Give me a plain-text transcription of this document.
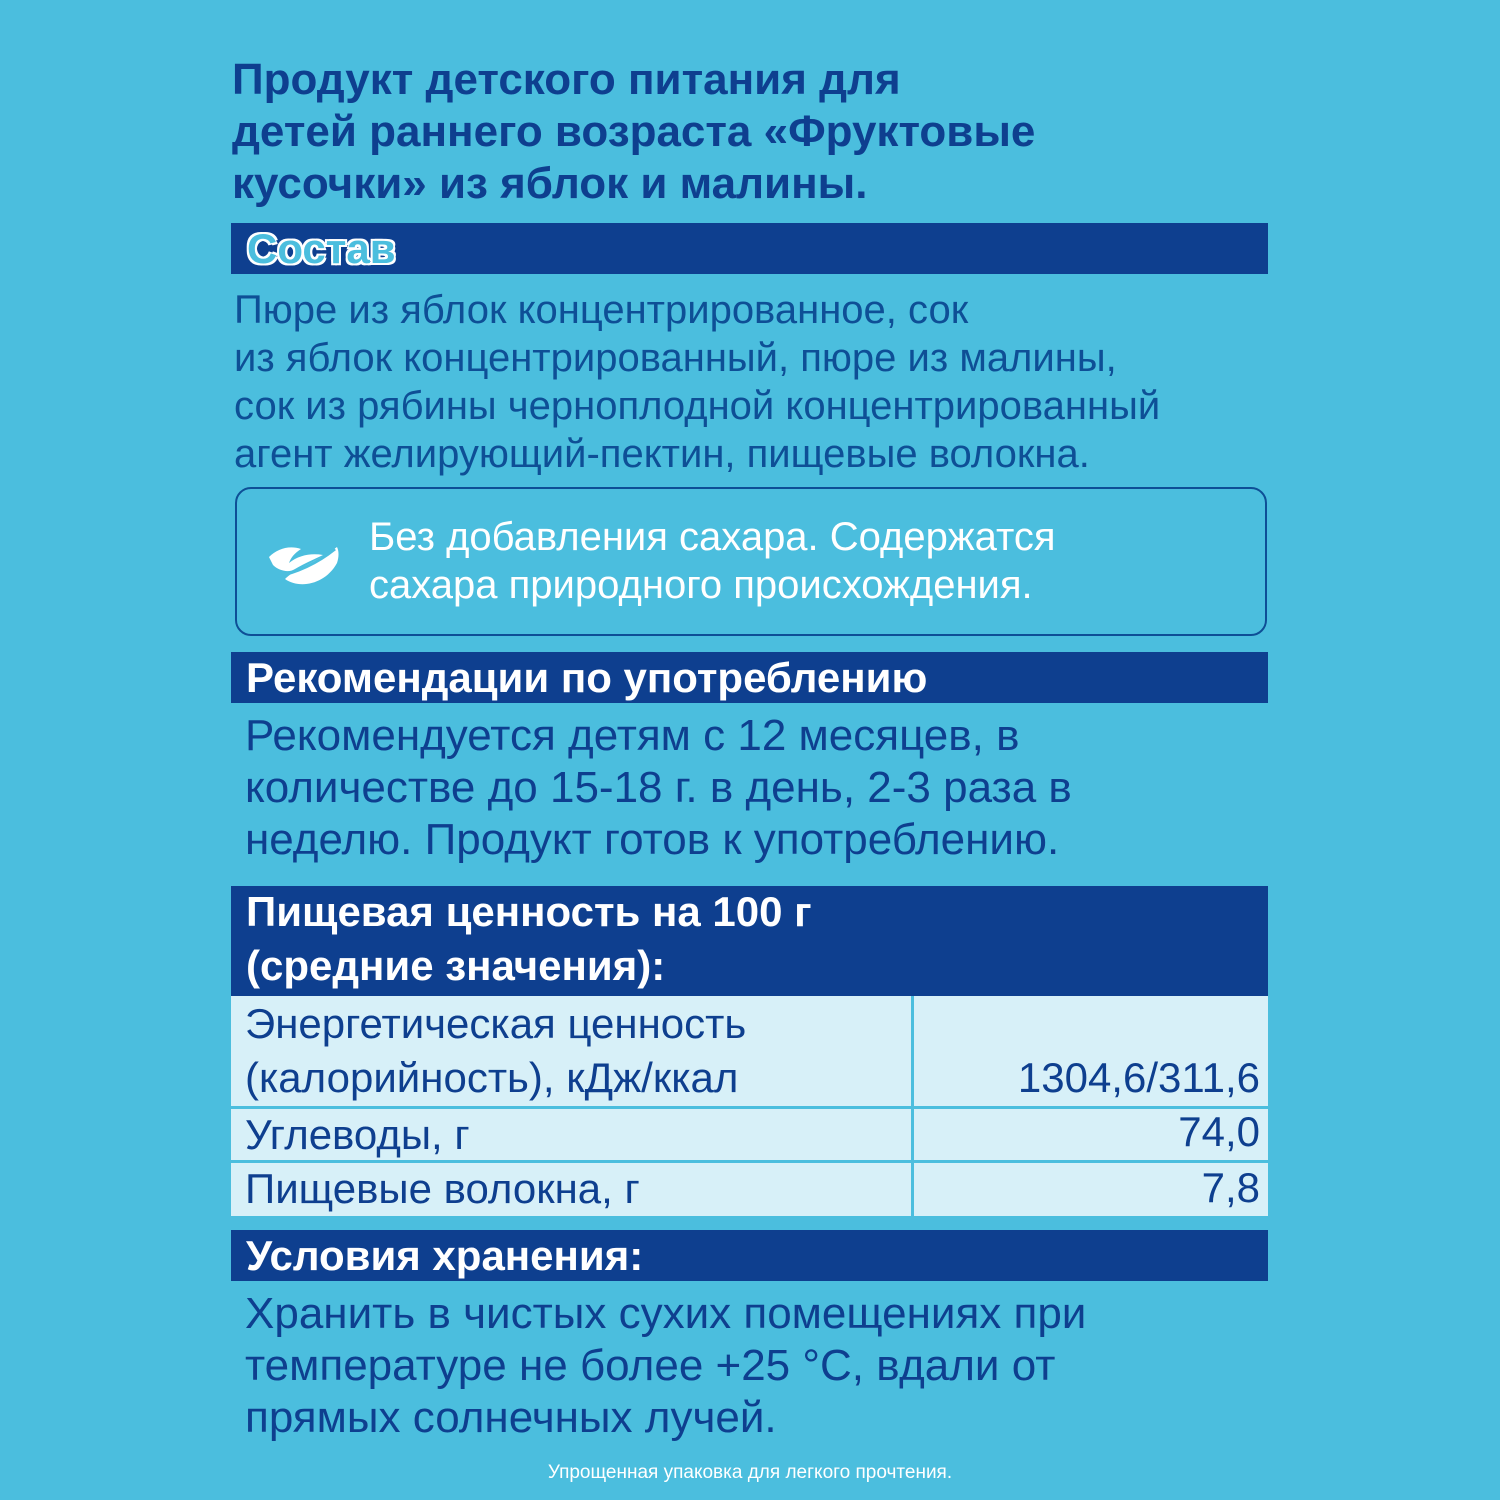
Продукт детского питания для
детей раннего возраста «Фруктовые
кусочки» из яблок и малины.
Состав
Пюре из яблок концентрированное, сок
из яблок концентрированный, пюре из малины,
сок из рябины черноплодной концентрированный
агент желирующий-пектин, пищевые волокна.
Без добавления сахара. Содержатся
сахара природного происхождения.
Рекомендации по употреблению
Рекомендуется детям с 12 месяцев, в
количестве до 15-18 г. в день, 2-3 раза в
неделю. Продукт готов к употреблению.
Пищевая ценность на 100 г
(средние значения):
Энергетическая ценность
(калорийность), кДж/ккал	1304,6/311,6
Углеводы, г	74,0
Пищевые волокна, г	7,8
Условия хранения:
Хранить в чистых сухих помещениях при
температуре не более +25 °С, вдали от
прямых солнечных лучей.
Упрощенная упаковка для легкого прочтения.
